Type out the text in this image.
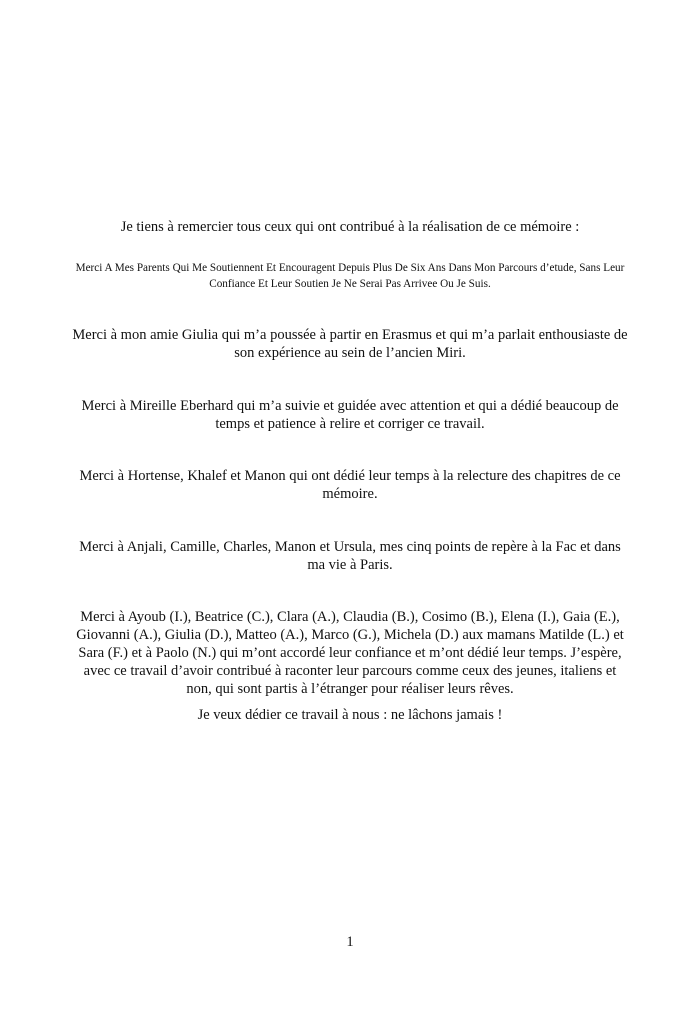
Je tiens à remercier tous ceux qui ont contribué à la réalisation de ce mémoire :

Merci A Mes Parents Qui Me Soutiennent Et Encouragent Depuis Plus De Six Ans Dans Mon Parcours d’etude, Sans Leur Confiance Et Leur Soutien Je Ne Serai Pas Arrivee Ou Je Suis.

Merci à mon amie Giulia qui m’a poussée à partir en Erasmus et qui m’a parlait enthousiaste de son expérience au sein de l’ancien Miri.

Merci à Mireille Eberhard qui m’a suivie et guidée avec attention et qui a dédié beaucoup de temps et patience à relire et corriger ce travail.

Merci à Hortense, Khalef et Manon qui ont dédié leur temps à la relecture des chapitres de ce mémoire.

Merci à Anjali, Camille, Charles, Manon et Ursula, mes cinq points de repère à la Fac et dans ma vie à Paris.

Merci à Ayoub (I.), Beatrice (C.), Clara (A.), Claudia (B.), Cosimo (B.), Elena (I.), Gaia (E.), Giovanni (A.), Giulia (D.), Matteo (A.), Marco (G.), Michela (D.) aux mamans Matilde (L.) et Sara (F.) et à Paolo (N.) qui m’ont accordé leur confiance et m’ont dédié leur temps. J’espère, avec ce travail d’avoir contribué à raconter leur parcours comme ceux des jeunes, italiens et non, qui sont partis à l’étranger pour réaliser leurs rêves.

Je veux dédier ce travail à nous : ne lâchons jamais !

1
